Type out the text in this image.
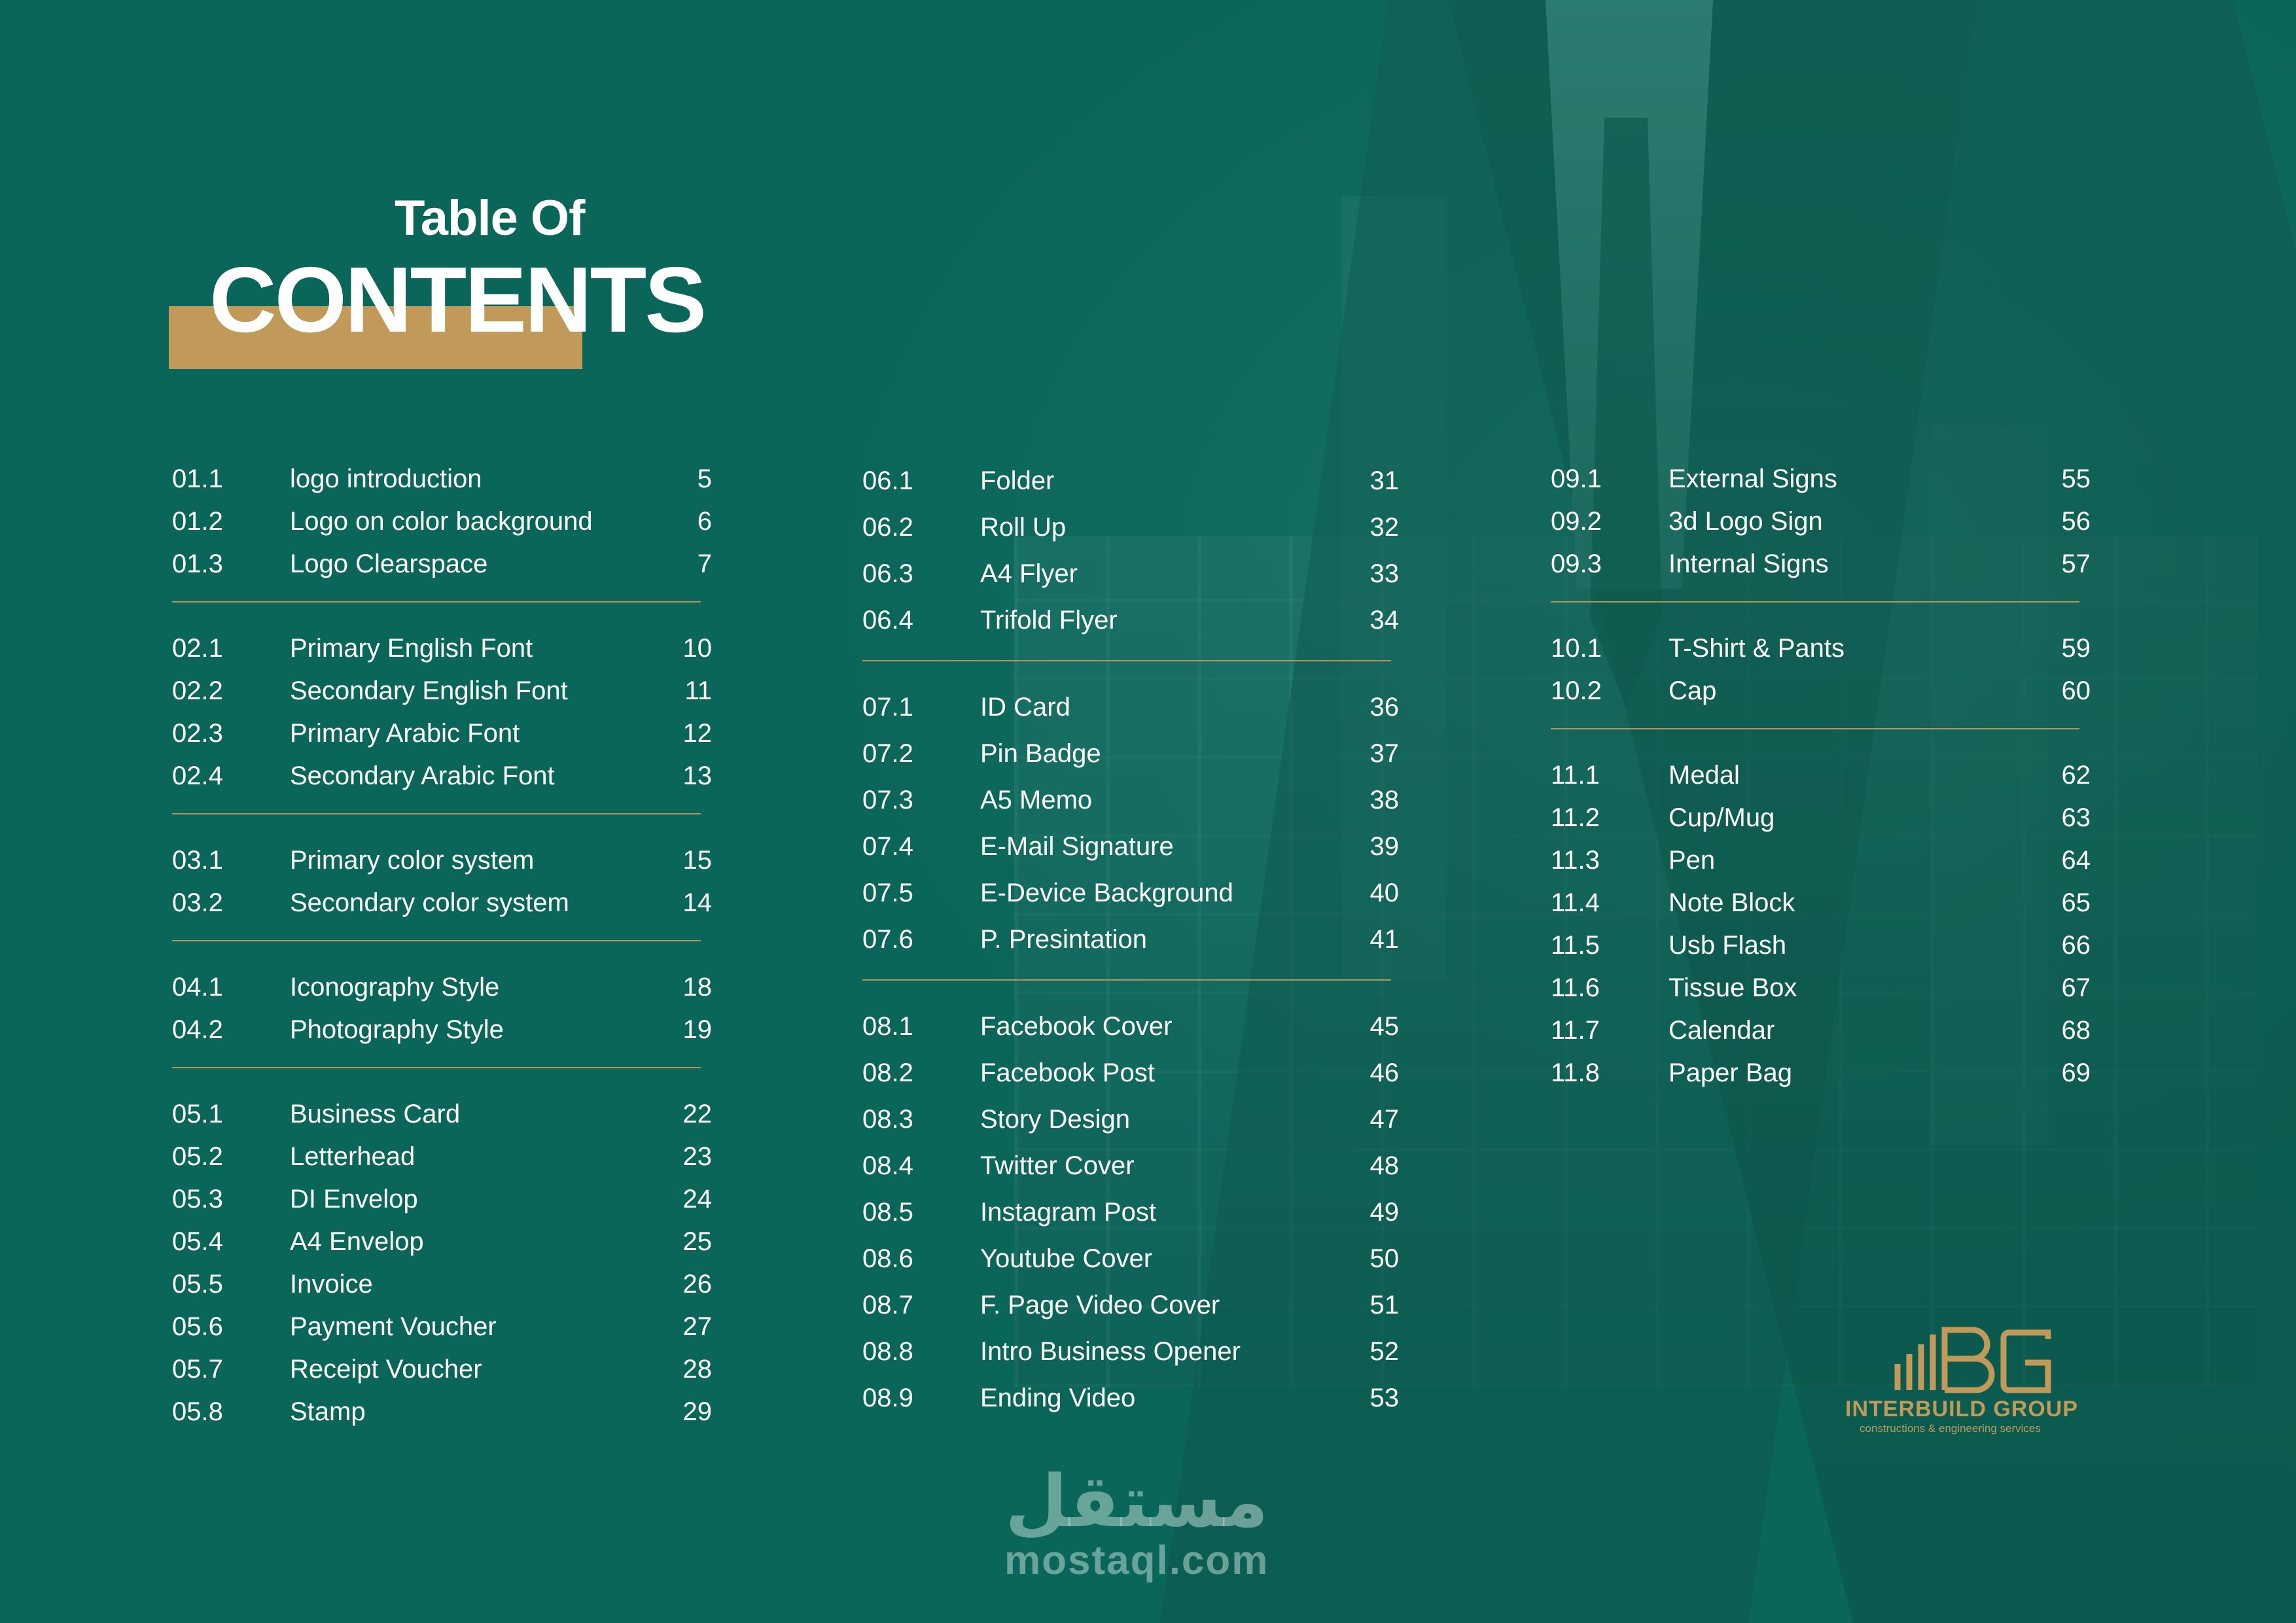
Table Of
CONTENTS
01.1	logo introduction	5
01.2	Logo on color background	6
01.3	Logo Clearspace	7
02.1	Primary English Font	10
02.2	Secondary English Font	11
02.3	Primary Arabic Font	12
02.4	Secondary Arabic Font	13
03.1	Primary color system	15
03.2	Secondary color system	14
04.1	Iconography Style	18
04.2	Photography Style	19
05.1	Business Card	22
05.2	Letterhead	23
05.3	DI Envelop	24
05.4	A4 Envelop	25
05.5	Invoice	26
05.6	Payment Voucher	27
05.7	Receipt Voucher	28
05.8	Stamp	29
06.1	Folder	31
06.2	Roll Up	32
06.3	A4 Flyer	33
06.4	Trifold Flyer	34
07.1	ID Card	36
07.2	Pin Badge	37
07.3	A5 Memo	38
07.4	E-Mail Signature	39
07.5	E-Device Background	40
07.6	P. Presintation	41
08.1	Facebook Cover	45
08.2	Facebook Post	46
08.3	Story Design	47
08.4	Twitter Cover	48
08.5	Instagram Post	49
08.6	Youtube Cover	50
08.7	F. Page Video Cover	51
08.8	Intro Business Opener	52
08.9	Ending Video	53
09.1	External Signs	55
09.2	3d Logo Sign	56
09.3	Internal Signs	57
10.1	T-Shirt & Pants	59
10.2	Cap	60
11.1	Medal	62
11.2	Cup/Mug	63
11.3	Pen	64
11.4	Note Block	65
11.5	Usb Flash	66
11.6	Tissue Box	67
11.7	Calendar	68
11.8	Paper Bag	69
INTERBUILD GROUP
constructions & engineering services
مستقل
mostaql.com
